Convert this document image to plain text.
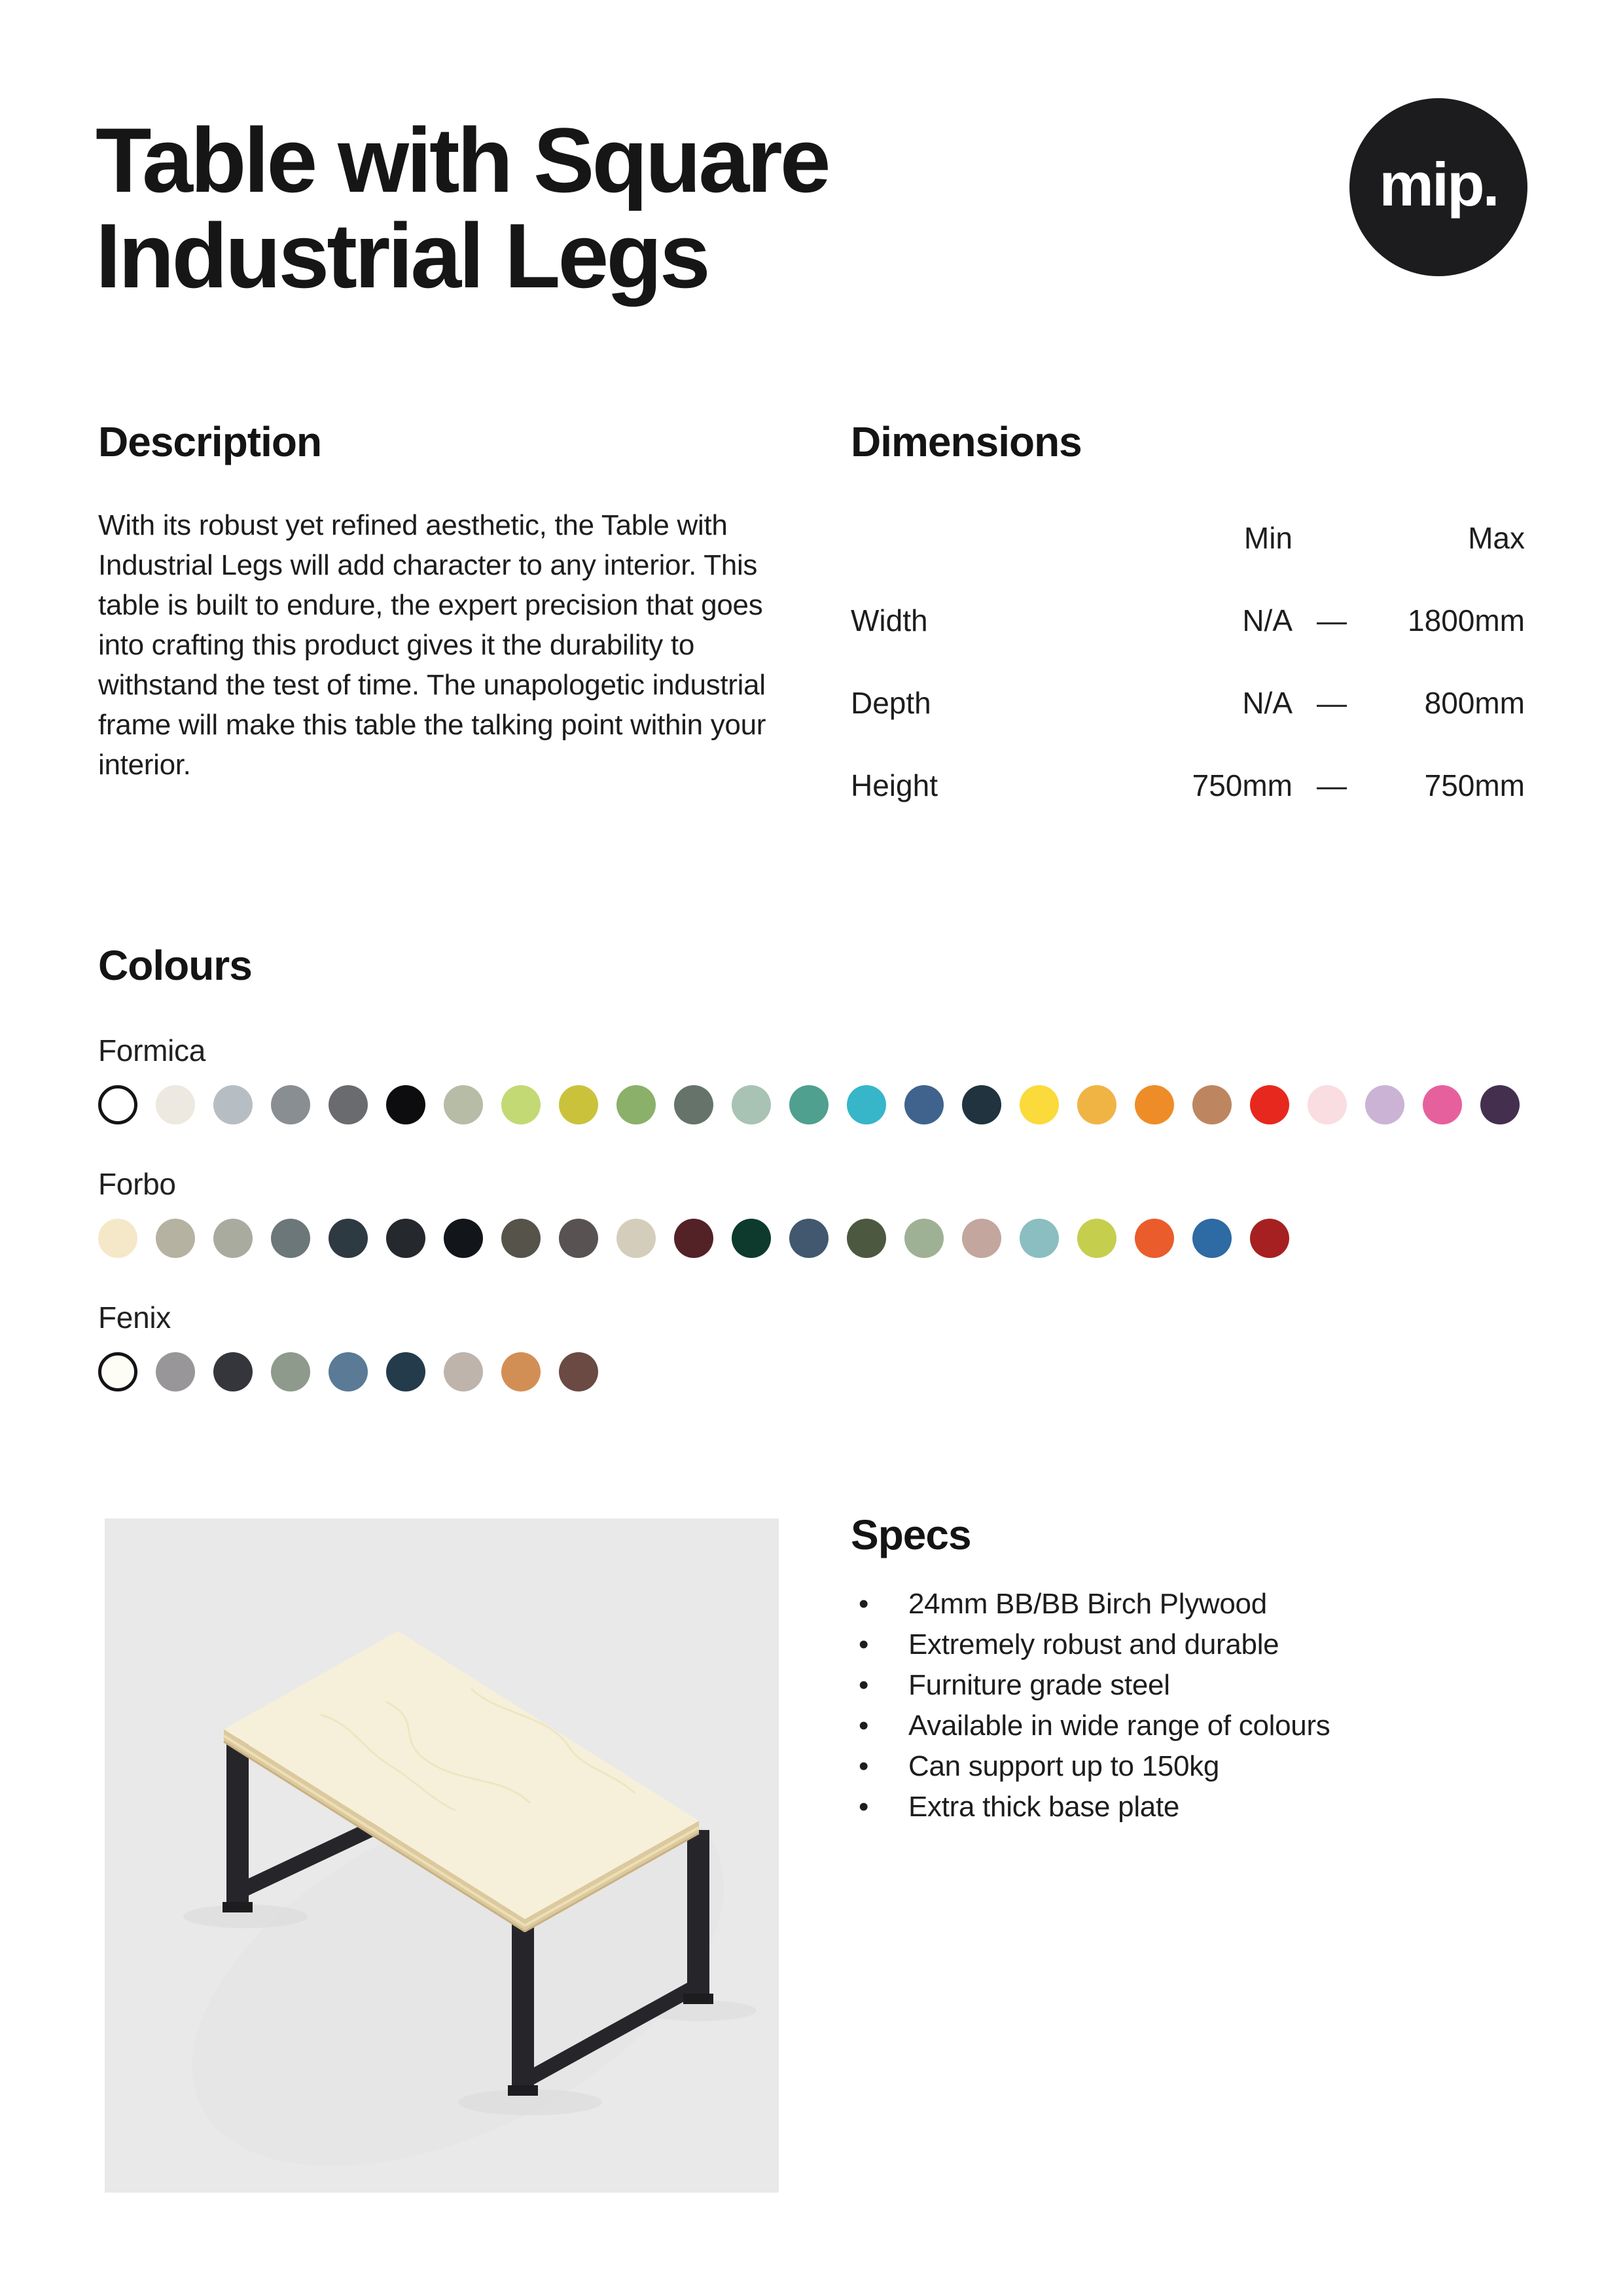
Table with Square
Industrial Legs
mip.
Description
With its robust yet refined aesthetic, the Table with Industrial Legs will add character to any interior. This table is built to endure, the expert precision that goes into crafting this product gives it the durability to withstand the test of time. The unapologetic industrial frame will make this table the talking point within your interior.
Dimensions
Min	Max
Width	N/A —	1800mm
Depth	N/A —	800mm
Height	750mm —	750mm
Colours
Formica
Forbo
Fenix
Specs
•	24mm BB/BB Birch Plywood
•	Extremely robust and durable
•	Furniture grade steel
•	Available in wide range of colours
•	Can support up to 150kg
•	Extra thick base plate
